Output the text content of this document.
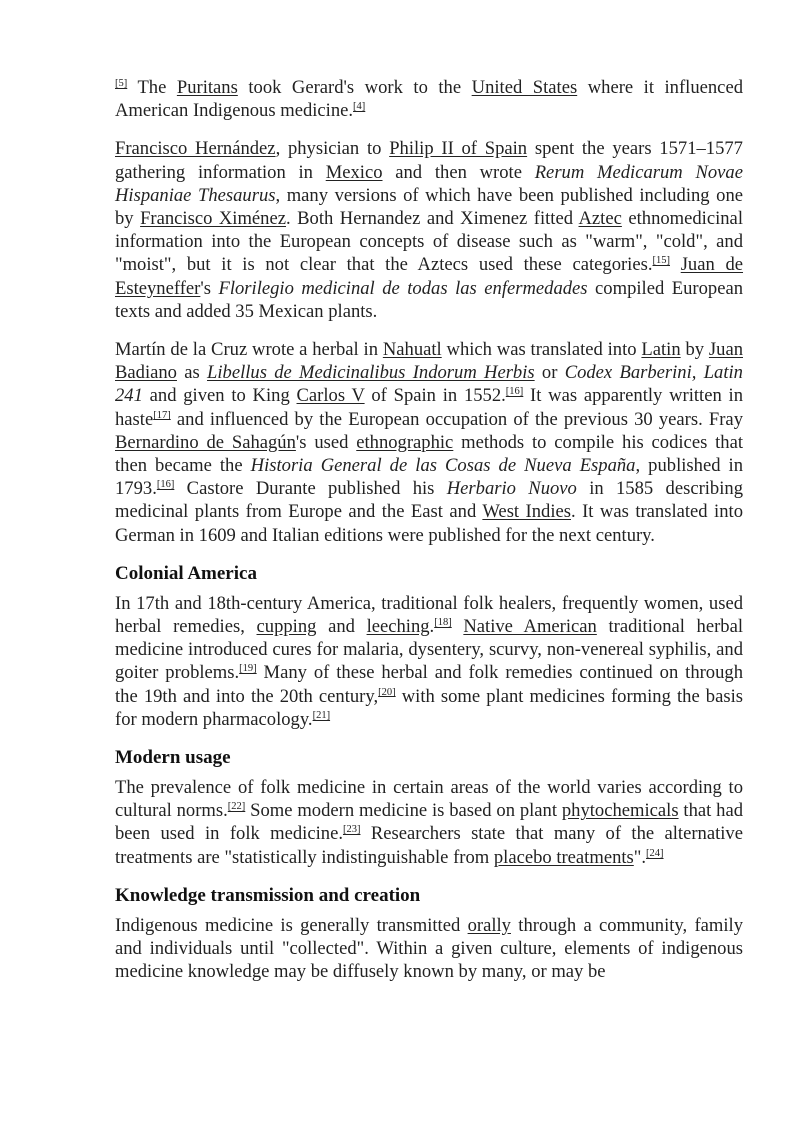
[5] The Puritans took Gerard's work to the United States where it influenced American Indigenous medicine.[4]

Francisco Hernández, physician to Philip II of Spain spent the years 1571–1577 gathering information in Mexico and then wrote Rerum Medicarum Novae Hispaniae Thesaurus, many versions of which have been published including one by Francisco Ximénez. Both Hernandez and Ximenez fitted Aztec ethnomedicinal information into the European concepts of disease such as "warm", "cold", and "moist", but it is not clear that the Aztecs used these categories.[15] Juan de Esteyneffer's Florilegio medicinal de todas las enfermedades compiled European texts and added 35 Mexican plants.

Martín de la Cruz wrote a herbal in Nahuatl which was translated into Latin by Juan Badiano as Libellus de Medicinalibus Indorum Herbis or Codex Barberini, Latin 241 and given to King Carlos V of Spain in 1552.[16] It was apparently written in haste[17] and influenced by the European occupation of the previous 30 years. Fray Bernardino de Sahagún's used ethnographic methods to compile his codices that then became the Historia General de las Cosas de Nueva España, published in 1793.[16] Castore Durante published his Herbario Nuovo in 1585 describing medicinal plants from Europe and the East and West Indies. It was translated into German in 1609 and Italian editions were published for the next century.

Colonial America

In 17th and 18th-century America, traditional folk healers, frequently women, used herbal remedies, cupping and leeching.[18] Native American traditional herbal medicine introduced cures for malaria, dysentery, scurvy, non-venereal syphilis, and goiter problems.[19] Many of these herbal and folk remedies continued on through the 19th and into the 20th century,[20] with some plant medicines forming the basis for modern pharmacology.[21]

Modern usage

The prevalence of folk medicine in certain areas of the world varies according to cultural norms.[22] Some modern medicine is based on plant phytochemicals that had been used in folk medicine.[23] Researchers state that many of the alternative treatments are "statistically indistinguishable from placebo treatments".[24]

Knowledge transmission and creation

Indigenous medicine is generally transmitted orally through a community, family and individuals until "collected". Within a given culture, elements of indigenous medicine knowledge may be diffusely known by many, or may be
